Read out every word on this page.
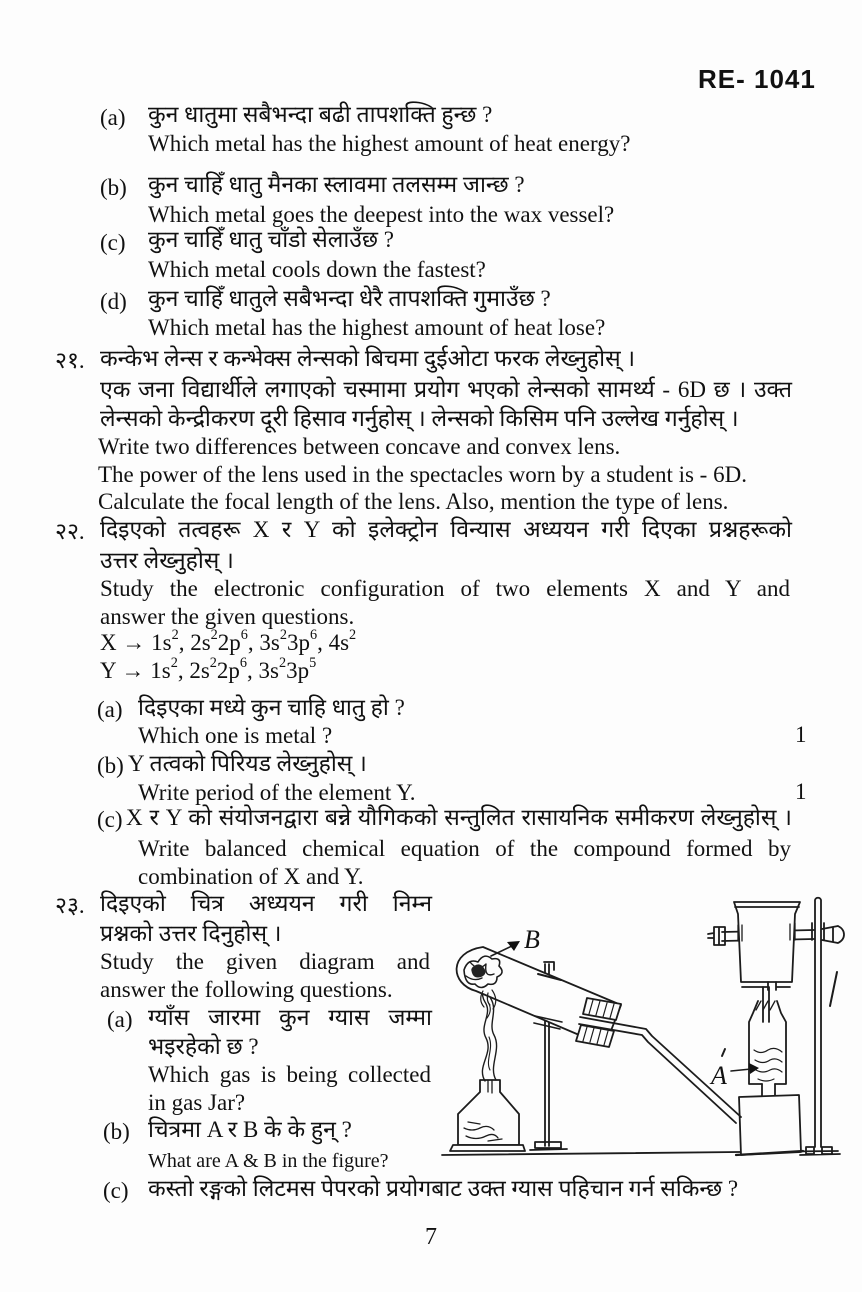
RE- 1041
(a) कुन धातुमा सबैभन्दा बढी तापशक्ति हुन्छ ?
Which metal has the highest amount of heat energy?
(b) कुन चाहिँ धातु मैनका स्लावमा तलसम्म जान्छ ?
Which metal goes the deepest into the wax vessel?
(c) कुन चाहिँ धातु चाँडो सेलाउँछ ?
Which metal cools down the fastest?
(d) कुन चाहिँ धातुले सबैभन्दा धेरै तापशक्ति गुमाउँछ ?
Which metal has the highest amount of heat lose?
२१. कन्केभ लेन्स र कन्भेक्स लेन्सको बिचमा दुईओटा फरक लेख्नुहोस् ।
एक जना विद्यार्थीले लगाएको चस्मामा प्रयोग भएको लेन्सको सामर्थ्य - 6D छ । उक्त
लेन्सको केन्द्रीकरण दूरी हिसाव गर्नुहोस् । लेन्सको किसिम पनि उल्लेख गर्नुहोस् ।
Write two differences between concave and convex lens.
The power of the lens used in the spectacles worn by a student is - 6D.
Calculate the focal length of the lens. Also, mention the type of lens.
२२. दिइएको तत्वहरू X र Y को इलेक्ट्रोन विन्यास अध्ययन गरी दिएका प्रश्नहरूको
उत्तर लेख्नुहोस् ।
Study the electronic configuration of two elements X and Y and
answer the given questions.
$X \to 1s^2$, $2s^22p^6$, $3s^23p^6$, $4s^2$
$Y \to 1s^2$, $2s^22p^6$, $3s^23p^5$
(a) दिइएका मध्ये कुन चाहि धातु हो ?
Which one is metal ?	1
(b) Y तत्वको पिरियड लेख्नुहोस् ।
Write period of the element Y.	1
(c) X र Y को संयोजनद्वारा बन्ने यौगिकको सन्तुलित रासायनिक समीकरण लेख्नुहोस् ।
Write balanced chemical equation of the compound formed by
combination of X and Y.
२३. दिइएको चित्र अध्ययन गरी निम्न
प्रश्नको उत्तर दिनुहोस् ।
Study the given diagram and
answer the following questions.
(a) ग्याँस जारमा कुन ग्यास जम्मा
भइरहेको छ ?
Which gas is being collected
in gas Jar?
(b) चित्रमा A र B के के हुन् ?
What are A & B in the figure?
(c) कस्तो रङ्गको लिटमस पेपरको प्रयोगबाट उक्त ग्यास पहिचान गर्न सकिन्छ ?
7
B
A
